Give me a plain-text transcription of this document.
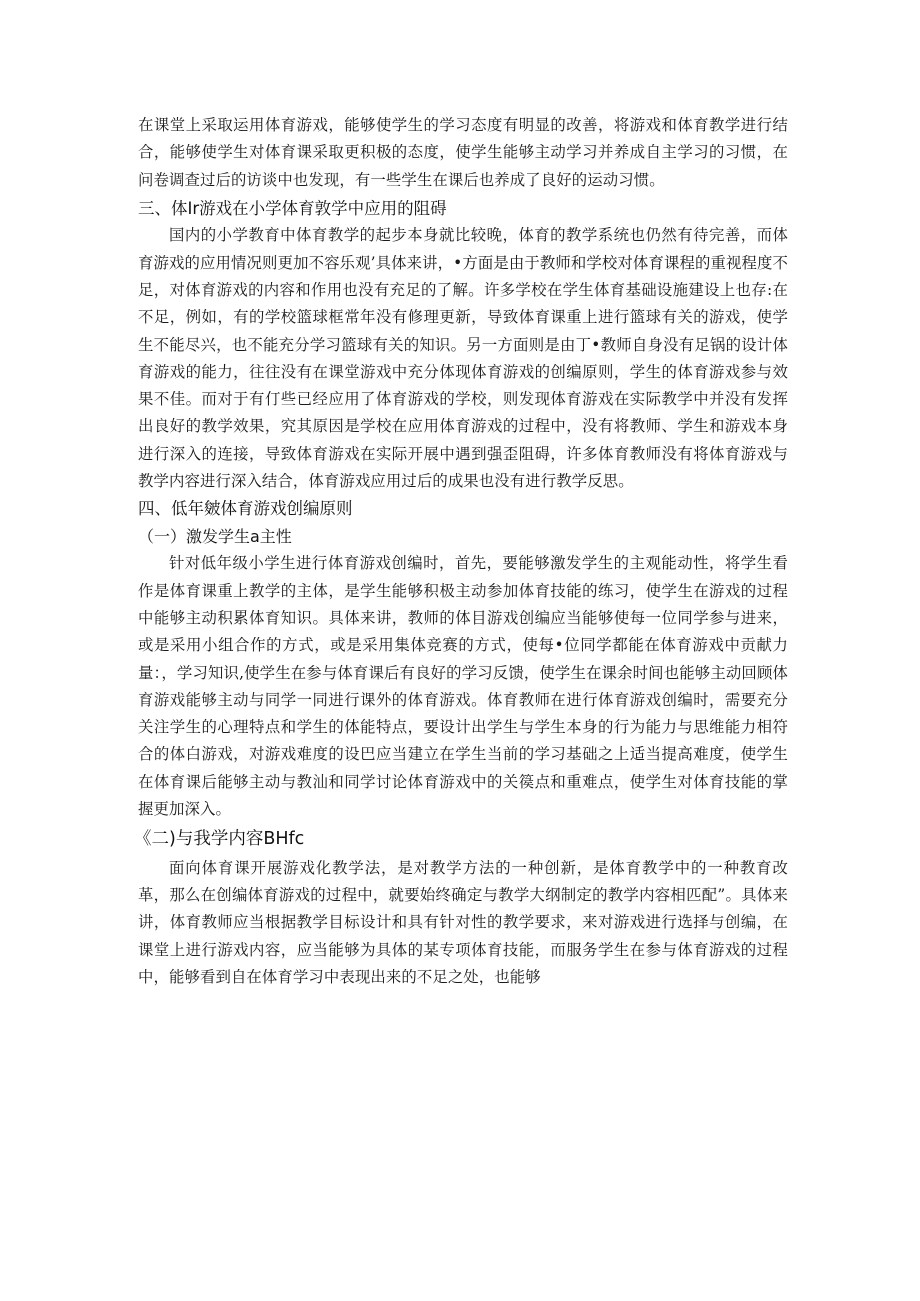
在课堂上采取运用体育游戏，能够使学生的学习态度有明显的改善，将游戏和体育教学进行结合，能够使学生对体育课采取更积极的态度，使学生能够主动学习并养成自主学习的习惯，在问卷调查过后的访谈中也发现，有一些学生在课后也养成了良好的运动习惯。

三、体Ir游戏在小学体育敦学中应用的阻碍

国内的小学教育中体育教学的起步本身就比较晚，体育的教学系统也仍然有待完善，而体育游戏的应用情况则更加不容乐观’具体来讲，•方面是由于教师和学校对体育课程的重视程度不足，对体育游戏的内容和作用也没有充足的了解。许多学校在学生体育基础设施建设上也存:在不足，例如，有的学校篮球框常年没有修理更新，导致体育课重上进行篮球有关的游戏，使学生不能尽兴，也不能充分学习篮球有关的知识。另一方面则是由丁•教师自身没有足锅的设计体育游戏的能力，往往没有在课堂游戏中充分体现体育游戏的创编原则，学生的体育游戏参与效果不佳。而对于有仃些已经应用了体育游戏的学校，则发现体育游戏在实际教学中并没有发挥出良好的教学效果，究其原因是学校在应用体育游戏的过程中，没有将教师、学生和游戏本身进行深入的连接，导致体育游戏在实际开展中遇到强歪阻碍，许多体育教师没有将体育游戏与教学内容进行深入结合，体育游戏应用过后的成果也没有进行教学反思。

四、低年皴体育游戏创编原则
（一）激发学生a主性

针对低年级小学生进行体育游戏创编时，首先，要能够激发学生的主观能动性，将学生看作是体育课重上教学的主体，是学生能够积极主动参加体育技能的练习，使学生在游戏的过程中能够主动积累体育知识。具体来讲，教师的体目游戏创编应当能够使每一位同学参与进来，或是采用小组合作的方式，或是采用集体竞赛的方式，使每•位同学都能在体育游戏中贡献力量：，学习知识,使学生在参与体育课后有良好的学习反馈，使学生在课余时间也能够主动回顾体育游戏能够主动与同学一同进行课外的体育游戏。体育教师在进行体育游戏创编时，需要充分关注学生的心理特点和学生的体能特点，要设计出学生与学生本身的行为能力与思维能力相符合的体白游戏，对游戏难度的设巴应当建立在学生当前的学习基础之上适当提高难度，使学生在体育课后能够主动与教汕和同学讨论体育游戏中的关篌点和重难点，使学生对体育技能的掌握更加深入。

《二)与我学内容BHfc

面向体育课开展游戏化教学法，是对教学方法的一种创新，是体育教学中的一种教育改革，那么在创编体育游戏的过程中，就要始终确定与教学大纲制定的教学内容相匹配”。具体来讲，体育教师应当根据教学目标设计和具有针对性的教学要求，来对游戏进行选择与创编，在课堂上进行游戏内容，应当能够为具体的某专项体育技能，而服务学生在参与体育游戏的过程中，能够看到自在体育学习中表现出来的不足之处，也能够
